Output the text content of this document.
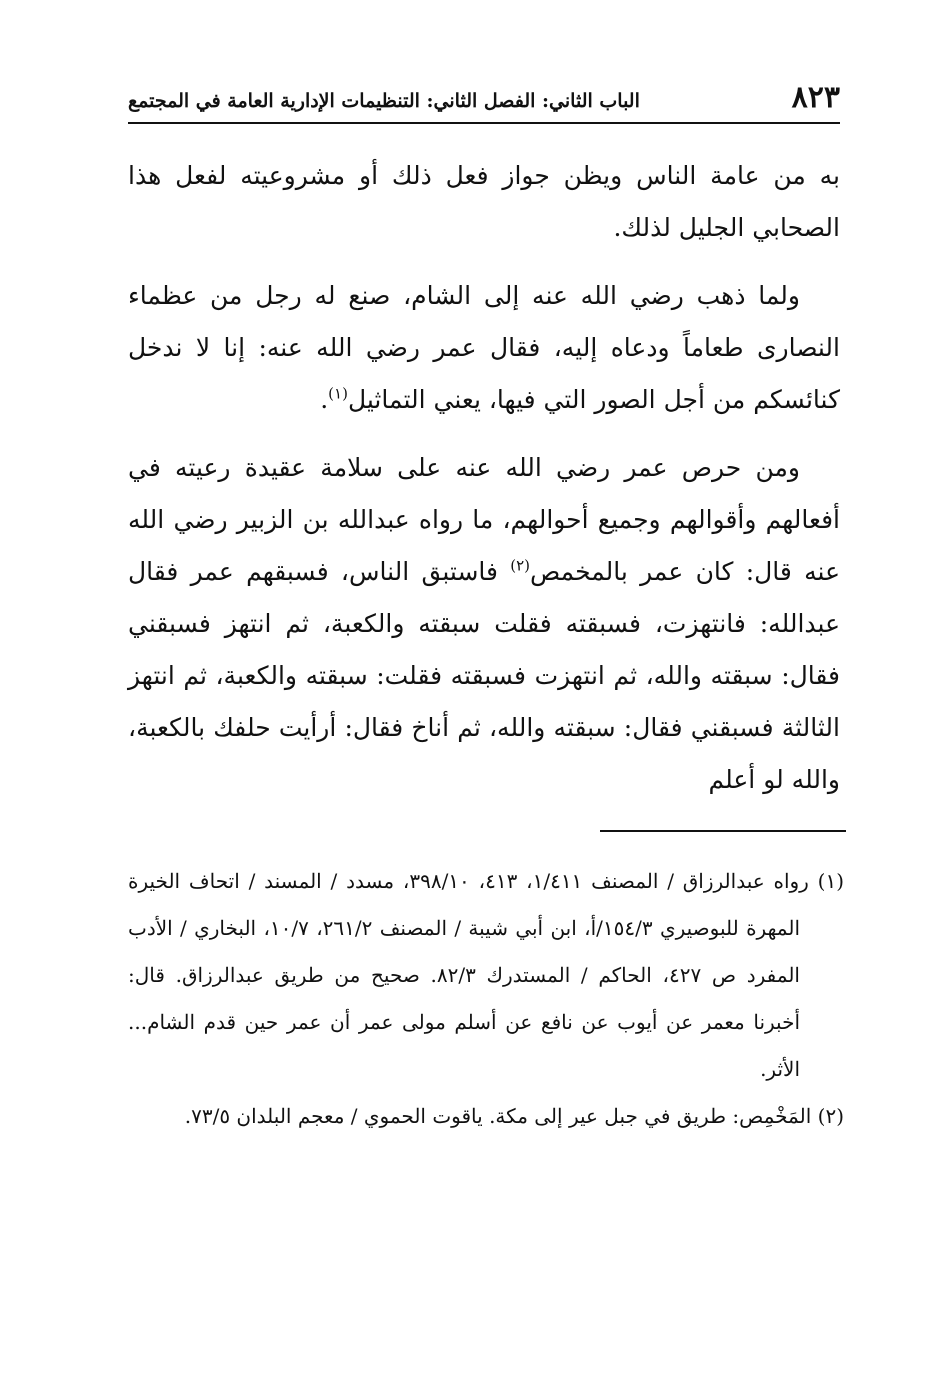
٨٢٣
الباب الثاني: الفصل الثاني: التنظيمات الإدارية العامة في المجتمع

به من عامة الناس ويظن جواز فعل ذلك أو مشروعيته لفعل هذا الصحابي الجليل لذلك.

ولما ذهب رضي الله عنه إلى الشام، صنع له رجل من عظماء النصارى طعاماً ودعاه إليه، فقال عمر رضي الله عنه: إنا لا ندخل كنائسكم من أجل الصور التي فيها، يعني التماثيل$^{(١)}$.

ومن حرص عمر رضي الله عنه على سلامة عقيدة رعيته في أفعالهم وأقوالهم وجميع أحوالهم، ما رواه عبدالله بن الزبير رضي الله عنه قال: كان عمر بالمخمص$^{(٢)}$ فاستبق الناس، فسبقهم عمر فقال عبدالله: فانتهزت، فسبقته فقلت سبقته والكعبة، ثم انتهز فسبقني فقال: سبقته والله، ثم انتهزت فسبقته فقلت: سبقته والكعبة، ثم انتهز الثالثة فسبقني فقال: سبقته والله، ثم أناخ فقال: أرأيت حلفك بالكعبة، والله لو أعلم

(١) رواه عبدالرزاق / المصنف ١/٤١١، ٤١٣، ٣٩٨/١٠، مسدد / المسند / اتحاف الخيرة المهرة للبوصيري ١٥٤/٣/أ، ابن أبي شيبة / المصنف ٢٦١/٢، ١٠/٧، البخاري / الأدب المفرد ص ٤٢٧، الحاكم / المستدرك ٨٢/٣. صحيح من طريق عبدالرزاق. قال: أخبرنا معمر عن أيوب عن نافع عن أسلم مولى عمر أن عمر حين قدم الشام... الأثر.

(٢) المَخْمِص: طريق في جبل عير إلى مكة. ياقوت الحموي / معجم البلدان ٧٣/٥.
